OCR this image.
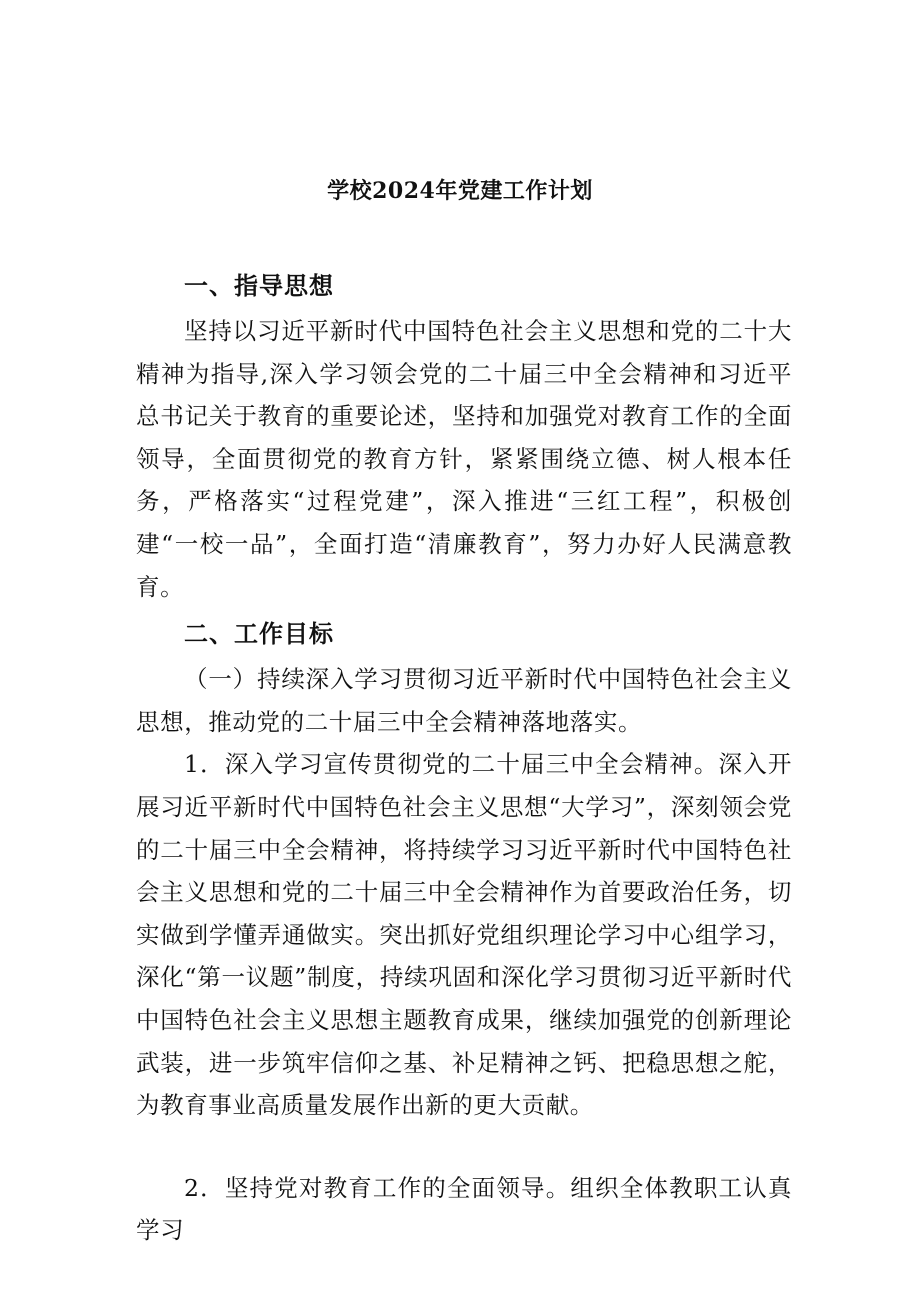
学校2024年党建工作计划

一、指导思想

坚持以习近平新时代中国特色社会主义思想和党的二十大精神为指导,深入学习领会党的二十届三中全会精神和习近平总书记关于教育的重要论述，坚持和加强党对教育工作的全面领导，全面贯彻党的教育方针，紧紧围绕立德、树人根本任务，严格落实“过程党建”，深入推进“三红工程”，积极创建“一校一品”，全面打造“清廉教育”，努力办好人民满意教育。

二、工作目标

（一）持续深入学习贯彻习近平新时代中国特色社会主义思想，推动党的二十届三中全会精神落地落实。

1．深入学习宣传贯彻党的二十届三中全会精神。深入开展习近平新时代中国特色社会主义思想“大学习”，深刻领会党的二十届三中全会精神，将持续学习习近平新时代中国特色社会主义思想和党的二十届三中全会精神作为首要政治任务，切实做到学懂弄通做实。突出抓好党组织理论学习中心组学习，深化“第一议题”制度，持续巩固和深化学习贯彻习近平新时代中国特色社会主义思想主题教育成果，继续加强党的创新理论武装，进一步筑牢信仰之基、补足精神之钙、把稳思想之舵，为教育事业高质量发展作出新的更大贡献。

2．坚持党对教育工作的全面领导。组织全体教职工认真学习
